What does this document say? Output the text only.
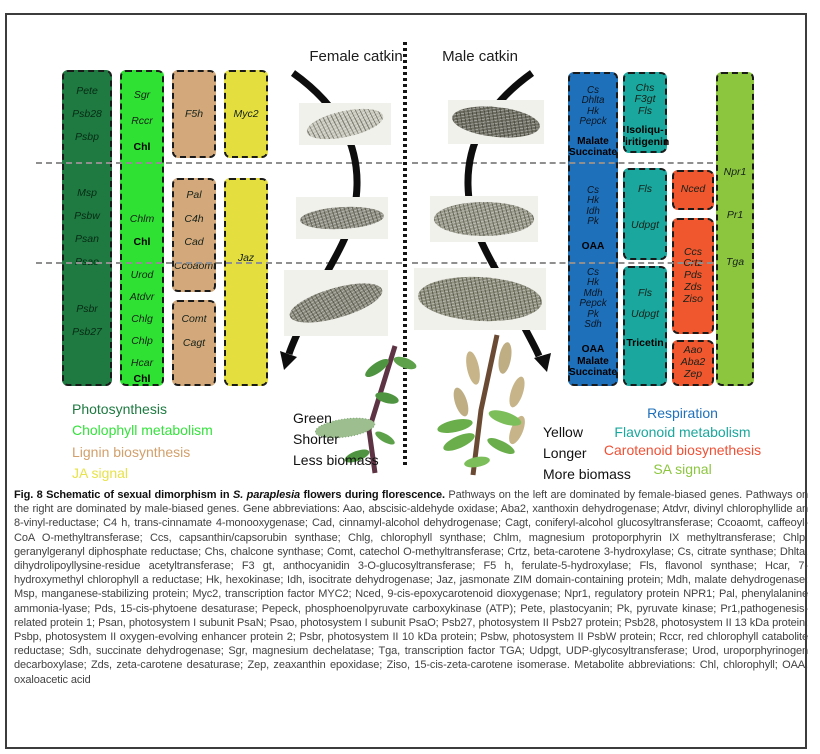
Female catkin	Male catkin
Pete
Psb28
Psbp
Msp
Psbw
Psan
Psao
Psbr
Psb27
Sgr
Rccr
Chl
Chlm
Chl
Urod
Atdvr
Chlg
Chlp
Hcar
Chl
F5h
Pal
C4h
Cad
Ccoaomt
Comt
Cagt
Myc2
Jaz
Cs
Dhlta
Hk
Pepck
Malate
Succinate
Cs
Hk
Idh
Pk
OAA
Cs
Hk
Mdh
Pepck
Pk
Sdh
OAA
Malate
Succinate
Chs
F3gt
Fls
Isoliqu-
iritigenin
Fls
Udpgt
Fls
Udpgt
Tricetin
Nced
Ccs
Crtz
Pds
Zds
Ziso
Aao
Aba2
Zep
Npr1
Pr1
Tga
Photosynthesis
Cholophyll metabolism
Lignin biosynthesis
JA signal
Green
Shorter
Less biomass
Yellow
Longer
More biomass
Respiration
Flavonoid metabolism
Carotenoid biosynethesis
SA signal
Fig. 8 Schematic of sexual dimorphism in S. paraplesia flowers during florescence. Pathways on the left are dominated by female-biased genes. Pathways on the right are dominated by male-biased genes. Gene abbreviations: Aao, abscisic-aldehyde oxidase; Aba2, xanthoxin dehydrogenase; Atdvr, divinyl chlorophyllide an 8-vinyl-reductase; C4 h, trans-cinnamate 4-monooxygenase; Cad, cinnamyl-alcohol dehydrogenase; Cagt, coniferyl-alcohol glucosyltransferase; Ccoaomt, caffeoyl-CoA O-methyltransferase; Ccs, capsanthin/capsorubin synthase; Chlg, chlorophyll synthase; Chlm, magnesium protoporphyrin IX methyltransferase; Chlp, geranylgeranyl diphosphate reductase; Chs, chalcone synthase; Comt, catechol O-methyltransferase; Crtz, beta-carotene 3-hydroxylase; Cs, citrate synthase; Dhlta, dihydrolipoyllysine-residue acetyltransferase; F3 gt, anthocyanidin 3-O-glucosyltransferase; F5 h, ferulate-5-hydroxylase; Fls, flavonol synthase; Hcar, 7-hydroxymethyl chlorophyll a reductase; Hk, hexokinase; Idh, isocitrate dehydrogenase; Jaz, jasmonate ZIM domain-containing protein; Mdh, malate dehydrogenase; Msp, manganese-stabilizing protein; Myc2, transcription factor MYC2; Nced, 9-cis-epoxycarotenoid dioxygenase; Npr1, regulatory protein NPR1; Pal, phenylalanine ammonia-lyase; Pds, 15-cis-phytoene desaturase; Pepeck, phosphoenolpyruvate carboxykinase (ATP); Pete, plastocyanin; Pk, pyruvate kinase; Pr1,pathogenesis-related protein 1; Psan, photosystem I subunit PsaN; Psao, photosystem I subunit PsaO; Psb27, photosystem II Psb27 protein; Psb28, photosystem II 13 kDa protein; Psbp, photosystem II oxygen-evolving enhancer protein 2; Psbr, photosystem II 10 kDa protein; Psbw, photosystem II PsbW protein; Rccr, red chlorophyll catabolite reductase; Sdh, succinate dehydrogenase; Sgr, magnesium dechelatase; Tga, transcription factor TGA; Udpgt, UDP-glycosyltransferase; Urod, uroporphyrinogen decarboxylase; Zds, zeta-carotene desaturase; Zep, zeaxanthin epoxidase; Ziso, 15-cis-zeta-carotene isomerase. Metabolite abbreviations: Chl, chlorophyll; OAA, oxaloacetic acid
